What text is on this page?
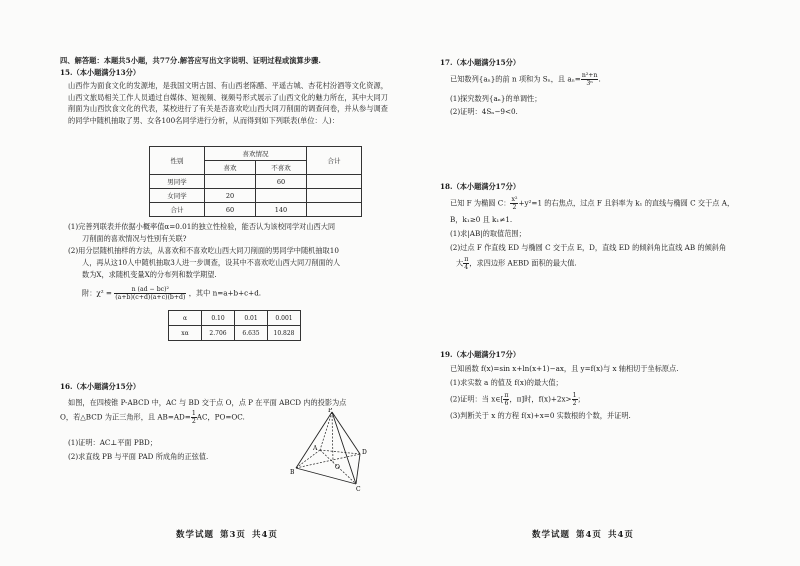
四、解答题：本题共5小题，共77分.解答应写出文字说明、证明过程或演算步骤.
15.（本小题满分13分）
山西作为面食文化的发源地，是我国文明古国、有山西老陈醋、平遥古城、杏花村汾酒等文化资源，山西文旅局相关工作人员通过自媒体、短视频、视频号形式展示了山西文化的魅力所在，其中大同刀削面为山西饮食文化的代表，某校进行了有关是否喜欢吃山西大同刀削面的调查问卷，并从参与调查的同学中随机抽取了男、女各100名同学进行分析，从而得到如下列联表(单位：人)：
性别	喜欢情况		合计
	喜欢	不喜欢	
男同学		60	
女同学	20		
合计	60	140	
(1)完善列联表并依据小概率值α=0.01的独立性检验，能否认为该校同学对山西大同
刀削面的喜欢情况与性别有关联?
(2)用分层随机抽样的方法，从喜欢和不喜欢吃山西大同刀削面的男同学中随机抽取10
人，再从这10人中随机抽取3人进一步调查，设其中不喜欢吃山西大同刀削面的人
数为X，求随机变量X的分布列和数学期望.
附：$\chi^2 = \frac{\text{n (ad − bc)²}}{(a+b)(c+d)(a+c)(b+d)}$ ，其中 n=a+b+c+d.
α	0.10	0.01	0.001
xα	2.706	6.635	10.828
16.（本小题满分15分）
如图，在四棱锥 P-ABCD 中，AC 与 BD 交于点 O，点 P 在平面 ABCD 内的投影为点
O，若△BCD 为正三角形，且 $AB=AD= \frac{1}{2}$ AC，PO=OC.
(1)证明：AC⊥平面 PBD；
(2)求直线 PB 与平面 PAD 所成角的正弦值.
P
A
B
C
D
O
数学试题 第3页 共4页
17.（本小题满分15分）
已知数列{aₙ}的前 n 项和为 Sₙ，且 $a_n= \frac{\text{n²+n}}{\text{3ⁿ}}$ .
(1)探究数列{aₙ}的单调性；
(2)证明：4Sₙ−9<0.
18.（本小题满分17分）
已知 F 为椭圆 C： $\frac{\text{x²}}{2} +y^2=1$ 的右焦点，过点 F 且斜率为 k₁ 的直线与椭圆 C 交于点 A，
B，k₁≥0 且 k₁≠1.
(1)求|AB|的取值范围；
(2)过点 F 作直线 ED 与椭圆 C 交于点 E，D，直线 ED 的倾斜角比直线 AB 的倾斜角
大 $\frac{\pi}{4}$ ，求四边形 AEBD 面积的最大值.
19.（本小题满分17分）
已知函数 f(x)=sin x+ln(x+1)−ax，且 y=f(x)与 x 轴相切于坐标原点.
(1)求实数 a 的值及 f(x)的最大值；
(2)证明：当 x∈[ $\frac{\pi}{6}$ ，π]时，$f(x)+2x> \frac{1}{2}$ ；
(3)判断关于 x 的方程 f(x)+x=0 实数根的个数，并证明.
数学试题 第4页 共4页
